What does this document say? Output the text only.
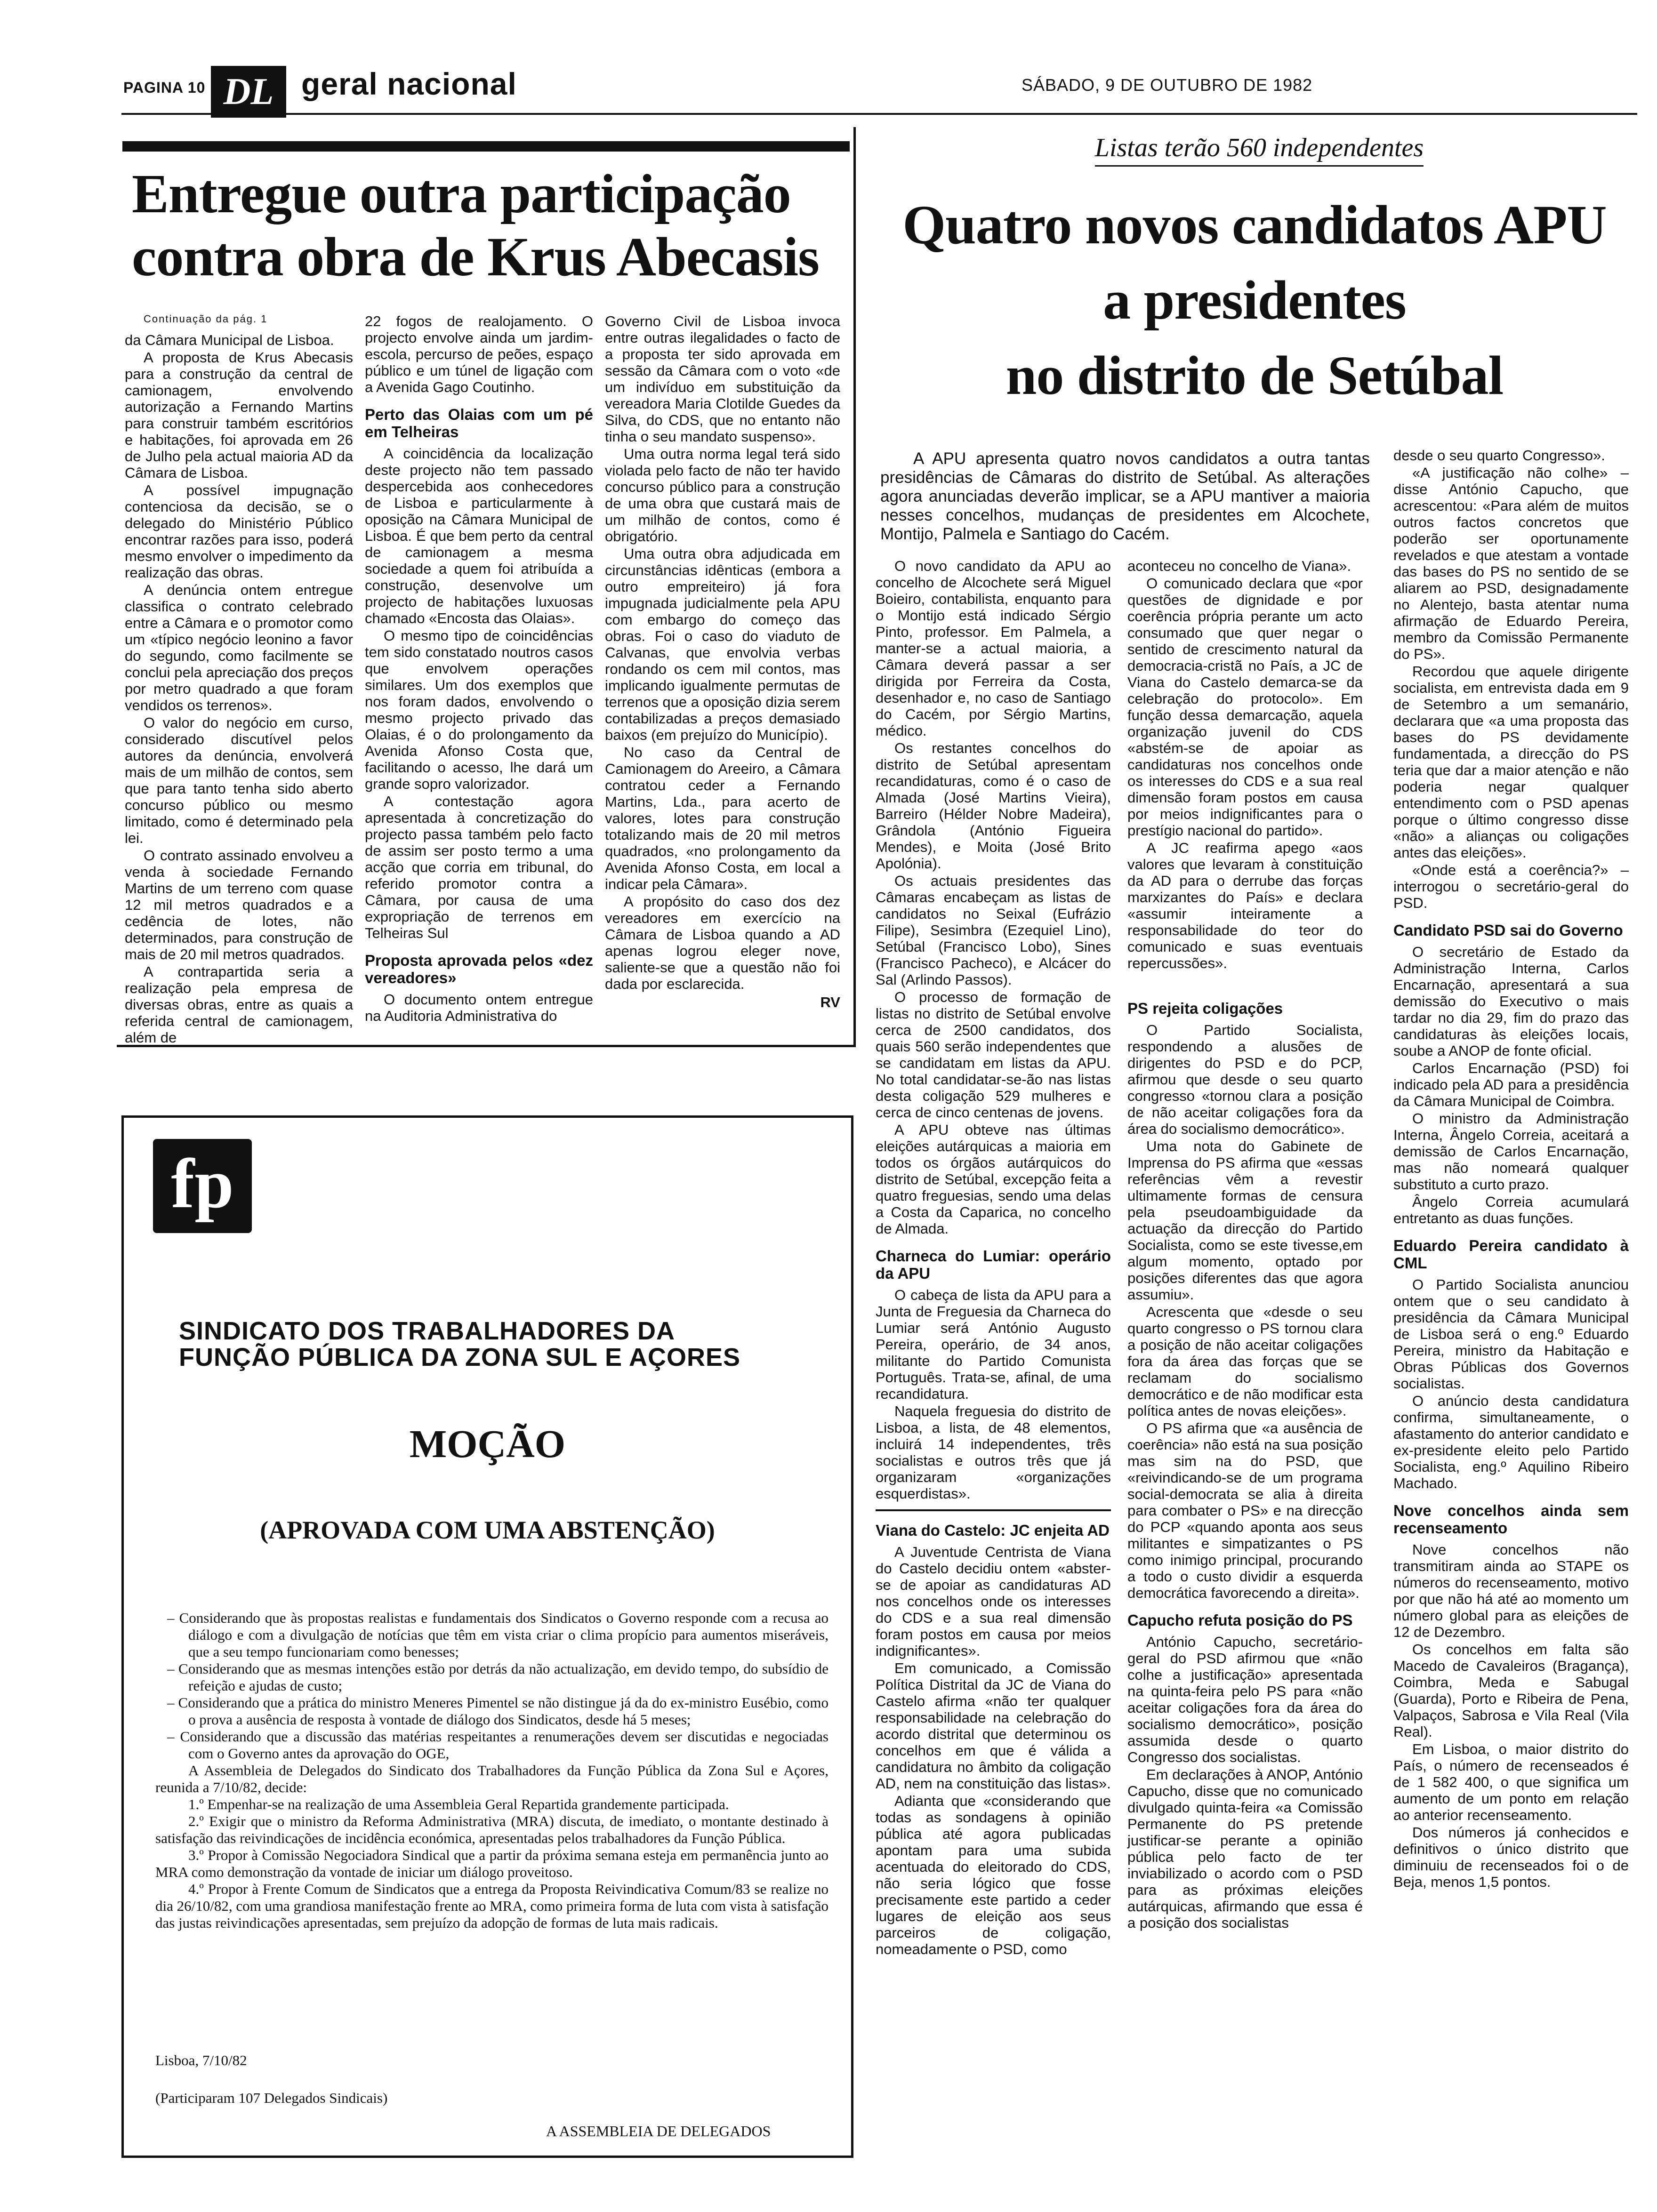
PAGINA 10 DL geral nacional	SÁBADO, 9 DE OUTUBRO DE 1982
Entregue outra participação
contra obra de Krus Abecasis
Continuação da pág. 1

da Câmara Municipal de Lisboa.

A proposta de Krus Abecasis para a construção da central de camionagem, envolvendo autorização a Fernando Martins para construir também escritórios e habitações, foi aprovada em 26 de Julho pela actual maioria AD da Câmara de Lisboa.

A possível impugnação contenciosa da decisão, se o delegado do Ministério Público encontrar razões para isso, poderá mesmo envolver o impedimento da realização das obras.

A denúncia ontem entregue classifica o contrato celebrado entre a Câmara e o promotor como um «típico negócio leonino a favor do segundo, como facilmente se conclui pela apreciação dos preços por metro quadrado a que foram vendidos os terrenos».

O valor do negócio em curso, considerado discutível pelos autores da denúncia, envolverá mais de um milhão de contos, sem que para tanto tenha sido aberto concurso público ou mesmo limitado, como é determinado pela lei.

O contrato assinado envolveu a venda à sociedade Fernando Martins de um terreno com quase 12 mil metros quadrados e a cedência de lotes, não determinados, para construção de mais de 20 mil metros quadrados.

A contrapartida seria a realização pela empresa de diversas obras, entre as quais a referida central de camionagem, além de

22 fogos de realojamento. O projecto envolve ainda um jardim-escola, percurso de peões, espaço público e um túnel de ligação com a Avenida Gago Coutinho.

Perto das Olaias com um pé em Telheiras

A coincidência da localização deste projecto não tem passado despercebida aos conhecedores de Lisboa e particularmente à oposição na Câmara Municipal de Lisboa. É que bem perto da central de camionagem a mesma sociedade a quem foi atribuída a construção, desenvolve um projecto de habitações luxuosas chamado «Encosta das Olaias».

O mesmo tipo de coincidências tem sido constatado noutros casos que envolvem operações similares. Um dos exemplos que nos foram dados, envolvendo o mesmo projecto privado das Olaias, é o do prolongamento da Avenida Afonso Costa que, facilitando o acesso, lhe dará um grande sopro valorizador.

A contestação agora apresentada à concretização do projecto passa também pelo facto de assim ser posto termo a uma acção que corria em tribunal, do referido promotor contra a Câmara, por causa de uma expropriação de terrenos em Telheiras Sul

Proposta aprovada pelos «dez vereadores»

O documento ontem entregue na Auditoria Administrativa do

Governo Civil de Lisboa invoca entre outras ilegalidades o facto de a proposta ter sido aprovada em sessão da Câmara com o voto «de um indivíduo em substituição da vereadora Maria Clotilde Guedes da Silva, do CDS, que no entanto não tinha o seu mandato suspenso».

Uma outra norma legal terá sido violada pelo facto de não ter havido concurso público para a construção de uma obra que custará mais de um milhão de contos, como é obrigatório.

Uma outra obra adjudicada em circunstâncias idênticas (embora a outro empreiteiro) já fora impugnada judicialmente pela APU com embargo do começo das obras. Foi o caso do viaduto de Calvanas, que envolvia verbas rondando os cem mil contos, mas implicando igualmente permutas de terrenos que a oposição dizia serem contabilizadas a preços demasiado baixos (em prejuízo do Município).

No caso da Central de Camionagem do Areeiro, a Câmara contratou ceder a Fernando Martins, Lda., para acerto de valores, lotes para construção totalizando mais de 20 mil metros quadrados, «no prolongamento da Avenida Afonso Costa, em local a indicar pela Câmara».

A propósito do caso dos dez vereadores em exercício na Câmara de Lisboa quando a AD apenas logrou eleger nove, saliente-se que a questão não foi dada por esclarecida.

RV
Listas terão 560 independentes
Quatro novos candidatos APU
a presidentes
no distrito de Setúbal
A APU apresenta quatro novos candidatos a outra tantas presidências de Câmaras do distrito de Setúbal. As alterações agora anunciadas deverão implicar, se a APU mantiver a maioria nesses concelhos, mudanças de presidentes em Alcochete, Montijo, Palmela e Santiago do Cacém.

O novo candidato da APU ao concelho de Alcochete será Miguel Boieiro, contabilista, enquanto para o Montijo está indicado Sérgio Pinto, professor. Em Palmela, a manter-se a actual maioria, a Câmara deverá passar a ser dirigida por Ferreira da Costa, desenhador e, no caso de Santiago do Cacém, por Sérgio Martins, médico.

Os restantes concelhos do distrito de Setúbal apresentam recandidaturas, como é o caso de Almada (José Martins Vieira), Barreiro (Hélder Nobre Madeira), Grândola (António Figueira Mendes), e Moita (José Brito Apolónia).

Os actuais presidentes das Câmaras encabeçam as listas de candidatos no Seixal (Eufrázio Filipe), Sesimbra (Ezequiel Lino), Setúbal (Francisco Lobo), Sines (Francisco Pacheco), e Alcácer do Sal (Arlindo Passos).

O processo de formação de listas no distrito de Setúbal envolve cerca de 2500 candidatos, dos quais 560 serão independentes que se candidatam em listas da APU. No total candidatar-se-ão nas listas desta coligação 529 mulheres e cerca de cinco centenas de jovens.

A APU obteve nas últimas eleições autárquicas a maioria em todos os órgãos autárquicos do distrito de Setúbal, excepção feita a quatro freguesias, sendo uma delas a Costa da Caparica, no concelho de Almada.

Charneca do Lumiar: operário da APU

O cabeça de lista da APU para a Junta de Freguesia da Charneca do Lumiar será António Augusto Pereira, operário, de 34 anos, militante do Partido Comunista Português. Trata-se, afinal, de uma recandidatura.

Naquela freguesia do distrito de Lisboa, a lista, de 48 elementos, incluirá 14 independentes, três socialistas e outros três que já organizaram «organizações esquerdistas».

Viana do Castelo: JC enjeita AD

A Juventude Centrista de Viana do Castelo decidiu ontem «abster-se de apoiar as candidaturas AD nos concelhos onde os interesses do CDS e a sua real dimensão foram postos em causa por meios indignificantes».

Em comunicado, a Comissão Política Distrital da JC de Viana do Castelo afirma «não ter qualquer responsabilidade na celebração do acordo distrital que determinou os concelhos em que é válida a candidatura no âmbito da coligação AD, nem na constituição das listas».

Adianta que «considerando que todas as sondagens à opinião pública até agora publicadas apontam para uma subida acentuada do eleitorado do CDS, não seria lógico que fosse precisamente este partido a ceder lugares de eleição aos seus parceiros de coligação, nomeadamente o PSD, como

aconteceu no concelho de Viana».

O comunicado declara que «por questões de dignidade e por coerência própria perante um acto consumado que quer negar o sentido de crescimento natural da democracia-cristã no País, a JC de Viana do Castelo demarca-se da celebração do protocolo». Em função dessa demarcação, aquela organização juvenil do CDS «abstém-se de apoiar as candidaturas nos concelhos onde os interesses do CDS e a sua real dimensão foram postos em causa por meios indignificantes para o prestígio nacional do partido».

A JC reafirma apego «aos valores que levaram à constituição da AD para o derrube das forças marxizantes do País» e declara «assumir inteiramente a responsabilidade do teor do comunicado e suas eventuais repercussões».

PS rejeita coligações

O Partido Socialista, respondendo a alusões de dirigentes do PSD e do PCP, afirmou que desde o seu quarto congresso «tornou clara a posição de não aceitar coligações fora da área do socialismo democrático».

Uma nota do Gabinete de Imprensa do PS afirma que «essas referências vêm a revestir ultimamente formas de censura pela pseudoambiguidade da actuação da direcção do Partido Socialista, como se este tivesse,em algum momento, optado por posições diferentes das que agora assumiu».

Acrescenta que «desde o seu quarto congresso o PS tornou clara a posição de não aceitar coligações fora da área das forças que se reclamam do socialismo democrático e de não modificar esta política antes de novas eleições».

O PS afirma que «a ausência de coerência» não está na sua posição mas sim na do PSD, que «reivindicando-se de um programa social-democrata se alia à direita para combater o PS» e na direcção do PCP «quando aponta aos seus militantes e simpatizantes o PS como inimigo principal, procurando a todo o custo dividir a esquerda democrática favorecendo a direita».

Capucho refuta posição do PS

António Capucho, secretário-geral do PSD afirmou que «não colhe a justificação» apresentada na quinta-feira pelo PS para «não aceitar coligações fora da área do socialismo democrático», posição assumida desde o quarto Congresso dos socialistas.

Em declarações à ANOP, António Capucho, disse que no comunicado divulgado quinta-feira «a Comissão Permanente do PS pretende justificar-se perante a opinião pública pelo facto de ter inviabilizado o acordo com o PSD para as próximas eleições autárquicas, afirmando que essa é a posição dos socialistas

desde o seu quarto Congresso».

«A justificação não colhe» – disse António Capucho, que acrescentou: «Para além de muitos outros factos concretos que poderão ser oportunamente revelados e que atestam a vontade das bases do PS no sentido de se aliarem ao PSD, designadamente no Alentejo, basta atentar numa afirmação de Eduardo Pereira, membro da Comissão Permanente do PS».

Recordou que aquele dirigente socialista, em entrevista dada em 9 de Setembro a um semanário, declarara que «a uma proposta das bases do PS devidamente fundamentada, a direcção do PS teria que dar a maior atenção e não poderia negar qualquer entendimento com o PSD apenas porque o último congresso disse «não» a alianças ou coligações antes das eleições».

«Onde está a coerência?» – interrogou o secretário-geral do PSD.

Candidato PSD sai do Governo

O secretário de Estado da Administração Interna, Carlos Encarnação, apresentará a sua demissão do Executivo o mais tardar no dia 29, fim do prazo das candidaturas às eleições locais, soube a ANOP de fonte oficial.

Carlos Encarnação (PSD) foi indicado pela AD para a presidência da Câmara Municipal de Coimbra.

O ministro da Administração Interna, Ângelo Correia, aceitará a demissão de Carlos Encarnação, mas não nomeará qualquer substituto a curto prazo.

Ângelo Correia acumulará entretanto as duas funções.

Eduardo Pereira candidato à CML

O Partido Socialista anunciou ontem que o seu candidato à presidência da Câmara Municipal de Lisboa será o eng.º Eduardo Pereira, ministro da Habitação e Obras Públicas dos Governos socialistas.

O anúncio desta candidatura confirma, simultaneamente, o afastamento do anterior candidato e ex-presidente eleito pelo Partido Socialista, eng.º Aquilino Ribeiro Machado.

Nove concelhos ainda sem recenseamento

Nove concelhos não transmitiram ainda ao STAPE os números do recenseamento, motivo por que não há até ao momento um número global para as eleições de 12 de Dezembro.

Os concelhos em falta são Macedo de Cavaleiros (Bragança), Coimbra, Meda e Sabugal (Guarda), Porto e Ribeira de Pena, Valpaços, Sabrosa e Vila Real (Vila Real).

Em Lisboa, o maior distrito do País, o número de recenseados é de 1 582 400, o que significa um aumento de um ponto em relação ao anterior recenseamento.

Dos números já conhecidos e definitivos o único distrito que diminuiu de recenseados foi o de Beja, menos 1,5 pontos.

fp
SINDICATO DOS TRABALHADORES DA
FUNÇÃO PÚBLICA DA ZONA SUL E AÇORES
MOÇÃO
(APROVADA COM UMA ABSTENÇÃO)

– Considerando que às propostas realistas e fundamentais dos Sindicatos o Governo responde com a recusa ao diálogo e com a divulgação de notícias que têm em vista criar o clima propício para aumentos miseráveis, que a seu tempo funcionariam como benesses;

– Considerando que as mesmas intenções estão por detrás da não actualização, em devido tempo, do subsídio de refeição e ajudas de custo;

– Considerando que a prática do ministro Meneres Pimentel se não distingue já da do ex-ministro Eusébio, como o prova a ausência de resposta à vontade de diálogo dos Sindicatos, desde há 5 meses;

– Considerando que a discussão das matérias respeitantes a renumerações devem ser discutidas e negociadas com o Governo antes da aprovação do OGE,

A Assembleia de Delegados do Sindicato dos Trabalhadores da Função Pública da Zona Sul e Açores, reunida a 7/10/82, decide:

1.º Empenhar-se na realização de uma Assembleia Geral Repartida grandemente participada.

2.º Exigir que o ministro da Reforma Administrativa (MRA) discuta, de imediato, o montante destinado à satisfação das reivindicações de incidência económica, apresentadas pelos trabalhadores da Função Pública.

3.º Propor à Comissão Negociadora Sindical que a partir da próxima semana esteja em permanência junto ao MRA como demonstração da vontade de iniciar um diálogo proveitoso.

4.º Propor à Frente Comum de Sindicatos que a entrega da Proposta Reivindicativa Comum/83 se realize no dia 26/10/82, com uma grandiosa manifestação frente ao MRA, como primeira forma de luta com vista à satisfação das justas reivindicações apresentadas, sem prejuízo da adopção de formas de luta mais radicais.

Lisboa, 7/10/82
(Participaram 107 Delegados Sindicais)
A ASSEMBLEIA DE DELEGADOS
